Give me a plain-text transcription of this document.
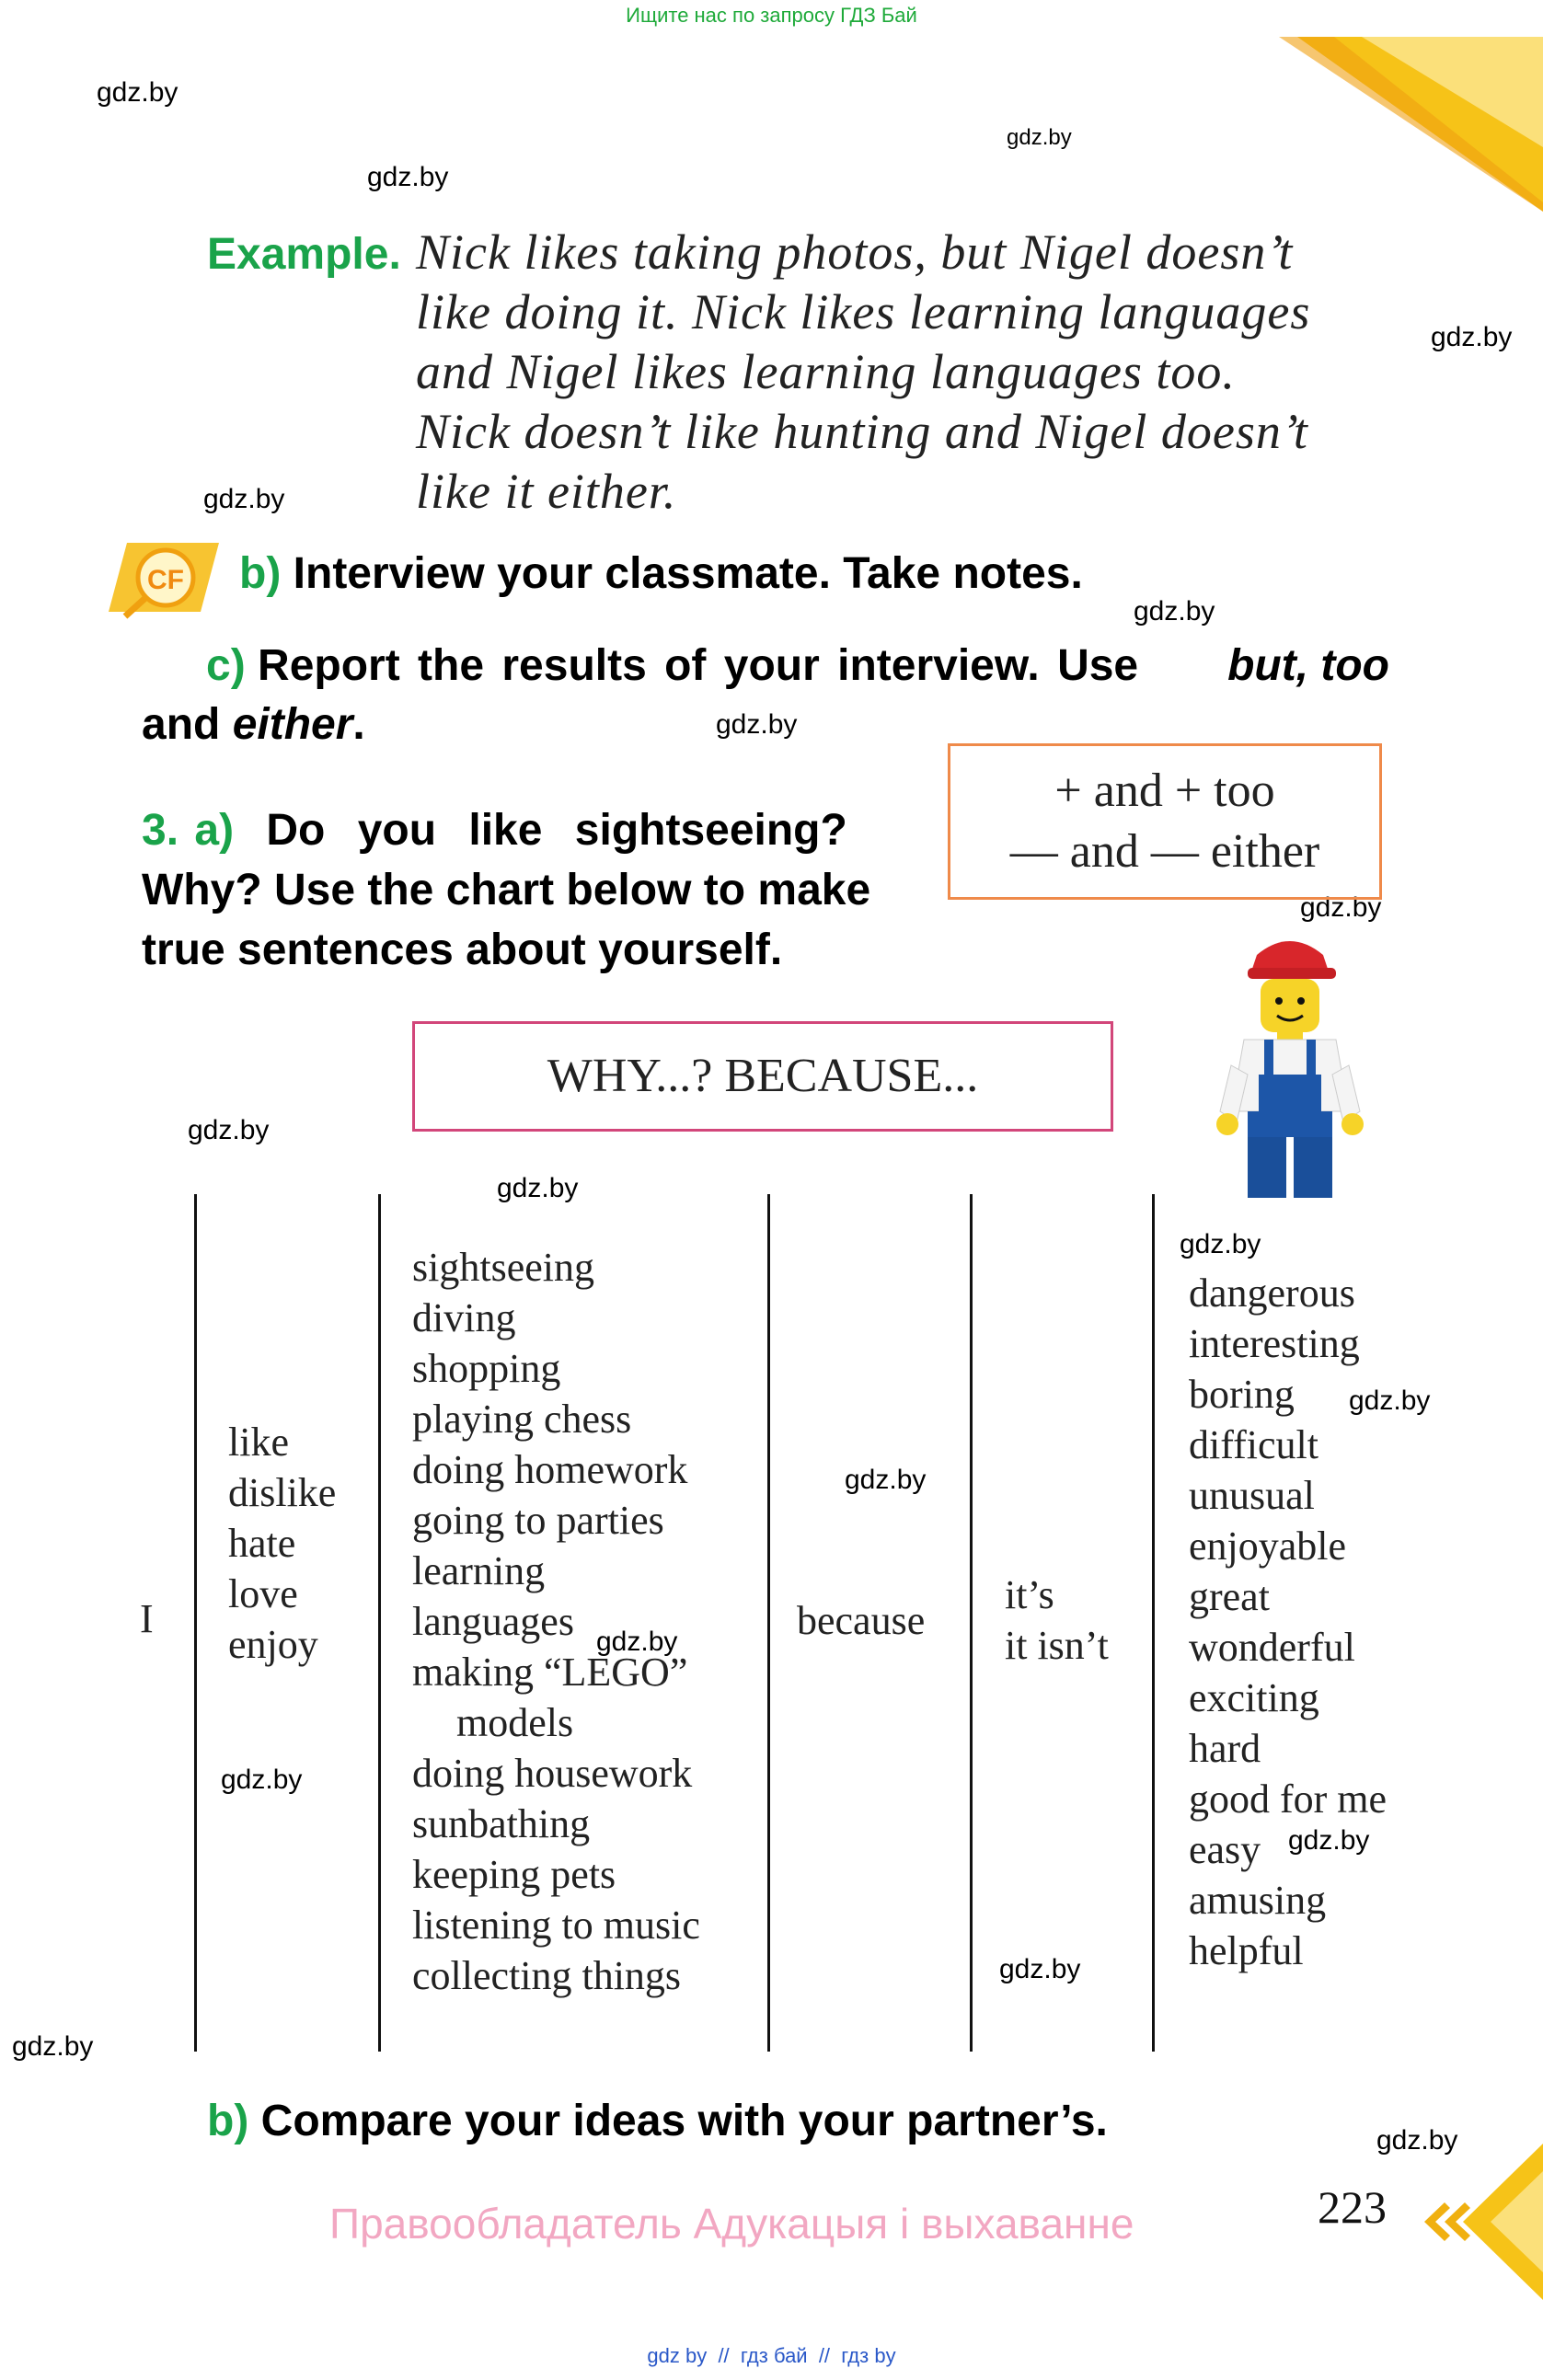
Ищите нас по запросу ГДЗ Бай
gdz.by
gdz.by
gdz.by
gdz.by
gdz.by
gdz.by
gdz.by
gdz.by
gdz.by
gdz.by
gdz.by
gdz.by
gdz.by
gdz.by
gdz.by
gdz.by
gdz.by
gdz.by
gdz.by
Example. Nick likes taking photos, but Nigel doesn’t
like doing it. Nick likes learning languages
and Nigel likes learning languages too.
Nick doesn’t like hunting and Nigel doesn’t
like it either.
CF b) Interview your classmate. Take notes.
c) Report the results of your interview. Use but, too
and either.
3. a) Do you like sightseeing?
Why? Use the chart below to make
true sentences about yourself.
+ and + too
— and — either
WHY...? BECAUSE...
I
like
dislike
hate
love
enjoy
sightseeing
diving
shopping
playing chess
doing homework
going to parties
learning
languages
making “LEGO”
models
doing housework
sunbathing
keeping pets
listening to music
collecting things
because
it’s
it isn’t
dangerous
interesting
boring
difficult
unusual
enjoyable
great
wonderful
exciting
hard
good for me
easy
amusing
helpful
b) Compare your ideas with your partner’s.
Правообладатель Адукацыя і выхаванне	223
gdz by  //  гдз бай  //  гдз by
